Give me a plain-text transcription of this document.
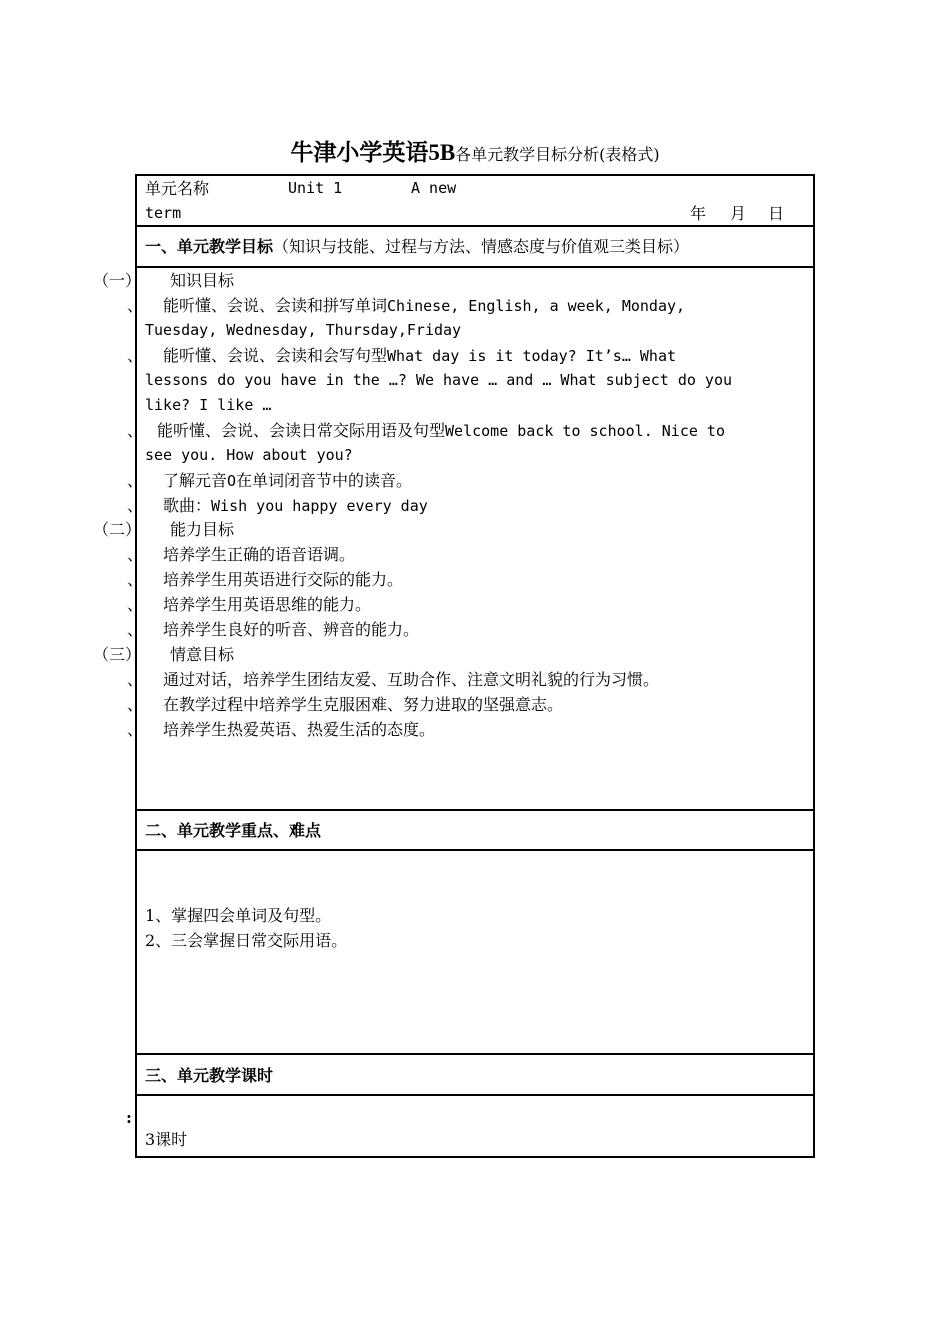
牛津小学英语5B各单元教学目标分析(表格式)
单元名称	Unit 1	A new
term	年 月 日
一、单元教学目标（知识与技能、过程与方法、情感态度与价值观三类目标）
（一） 知识目标
、 能听懂、会说、会读和拼写单词Chinese, English, a week, Monday,
Tuesday, Wednesday, Thursday,Friday
、 能听懂、会说、会读和会写句型What day is it today? It’s… What
lessons do you have in the …? We have … and … What subject do you
like? I like …
、 能听懂、会说、会读日常交际用语及句型Welcome back to school. Nice to
see you. How about you?
、 了解元音O在单词闭音节中的读音。
、 歌曲：Wish you happy every day
（二） 能力目标
、 培养学生正确的语音语调。
、 培养学生用英语进行交际的能力。
、 培养学生用英语思维的能力。
、 培养学生良好的听音、辨音的能力。
（三） 情意目标
、 通过对话，培养学生团结友爱、互助合作、注意文明礼貌的行为习惯。
、 在教学过程中培养学生克服困难、努力进取的坚强意志。
、 培养学生热爱英语、热爱生活的态度。
二、单元教学重点、难点
1、掌握四会单词及句型。
2、三会掌握日常交际用语。
三、单元教学课时
:
3课时
